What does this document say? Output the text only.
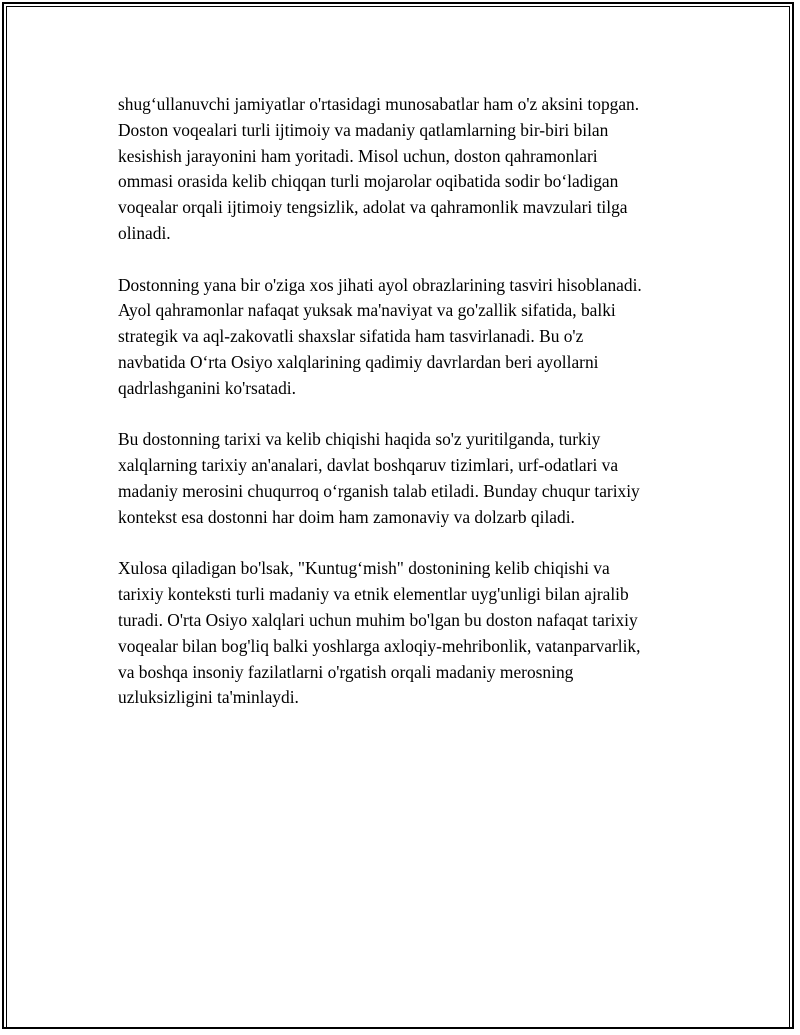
shug‘ullanuvchi jamiyatlar o'rtasidagi munosabatlar ham o'z aksini topgan.
Doston voqealari turli ijtimoiy va madaniy qatlamlarning bir-biri bilan
kesishish jarayonini ham yoritadi. Misol uchun, doston qahramonlari
ommasi orasida kelib chiqqan turli mojarolar oqibatida sodir bo‘ladigan
voqealar orqali ijtimoiy tengsizlik, adolat va qahramonlik mavzulari tilga
olinadi.

Dostonning yana bir o'ziga xos jihati ayol obrazlarining tasviri hisoblanadi.
Ayol qahramonlar nafaqat yuksak ma'naviyat va go'zallik sifatida, balki
strategik va aql-zakovatli shaxslar sifatida ham tasvirlanadi. Bu o'z
navbatida O‘rta Osiyo xalqlarining qadimiy davrlardan beri ayollarni
qadrlashganini ko'rsatadi.

Bu dostonning tarixi va kelib chiqishi haqida so'z yuritilganda, turkiy
xalqlarning tarixiy an'analari, davlat boshqaruv tizimlari, urf-odatlari va
madaniy merosini chuqurroq o‘rganish talab etiladi. Bunday chuqur tarixiy
kontekst esa dostonni har doim ham zamonaviy va dolzarb qiladi.

Xulosa qiladigan bo'lsak, "Kuntug‘mish" dostonining kelib chiqishi va
tarixiy konteksti turli madaniy va etnik elementlar uyg'unligi bilan ajralib
turadi. O'rta Osiyo xalqlari uchun muhim bo'lgan bu doston nafaqat tarixiy
voqealar bilan bog'liq balki yoshlarga axloqiy-mehribonlik, vatanparvarlik,
va boshqa insoniy fazilatlarni o'rgatish orqali madaniy merosning
uzluksizligini ta'minlaydi.
